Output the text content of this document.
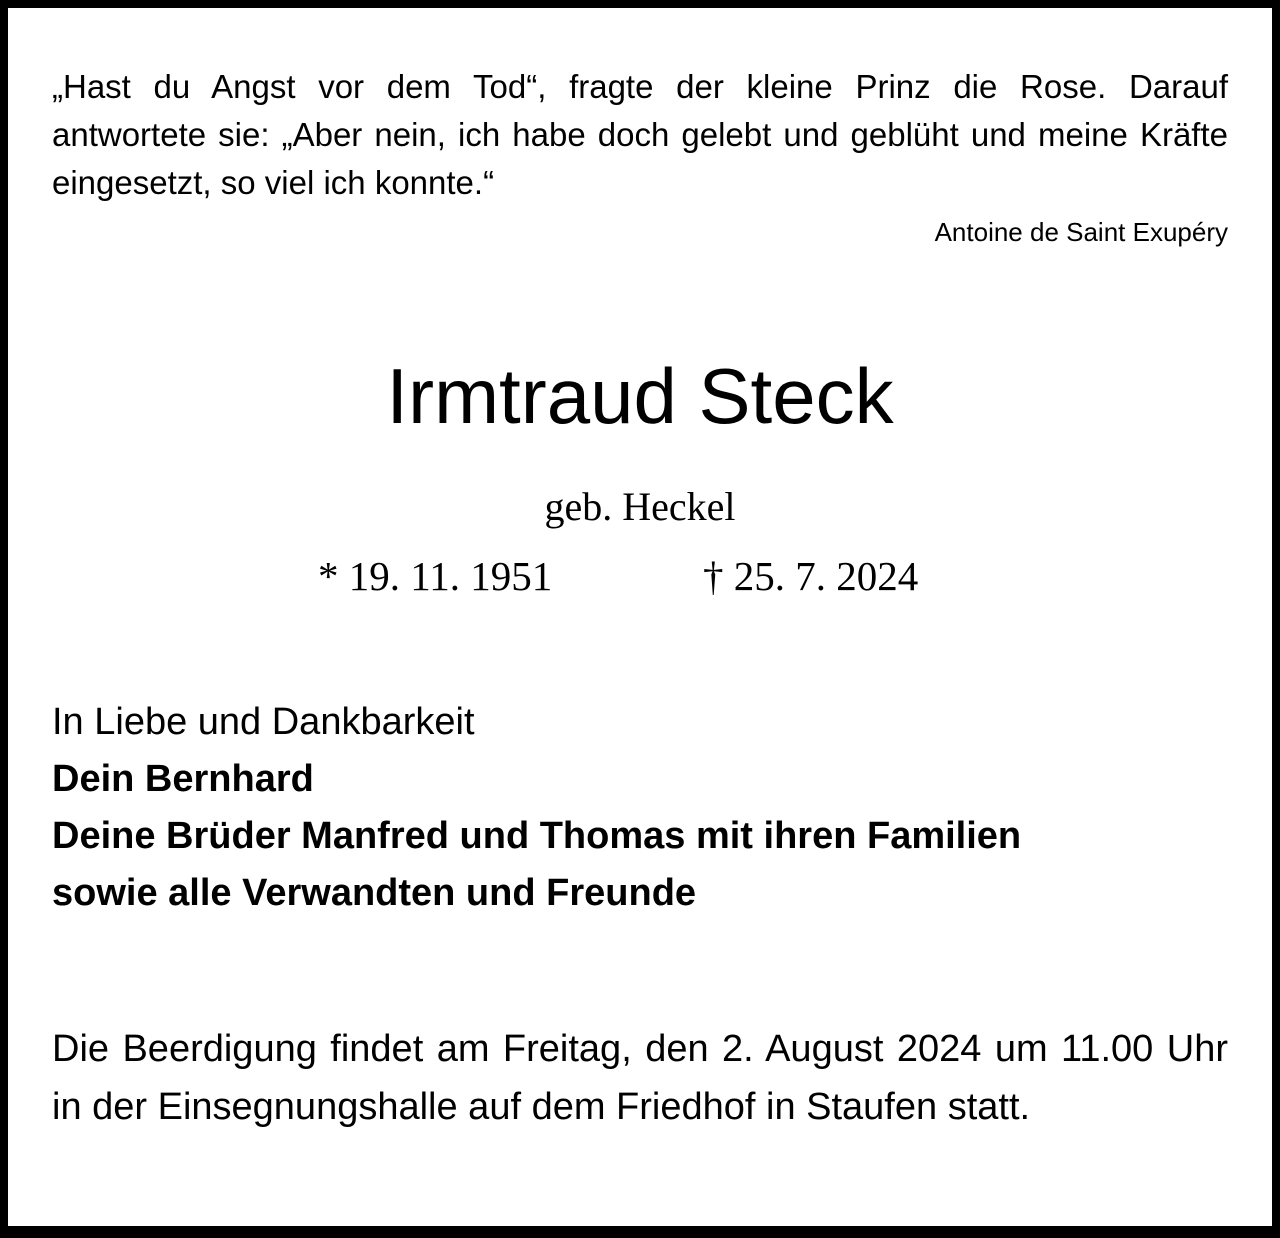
„Hast du Angst vor dem Tod“, fragte der kleine Prinz die Rose. Darauf antwortete sie: „Aber nein, ich habe doch gelebt und geblüht und meine Kräfte eingesetzt, so viel ich konnte.“

Antoine de Saint Exupéry

Irmtraud Steck

geb. Heckel

* 19. 11. 1951	† 25. 7. 2024

In Liebe und Dankbarkeit
Dein Bernhard
Deine Brüder Manfred und Thomas mit ihren Familien
sowie alle Verwandten und Freunde

Die Beerdigung findet am Freitag, den 2. August 2024 um 11.00 Uhr in der Einsegnungshalle auf dem Friedhof in Staufen statt.
